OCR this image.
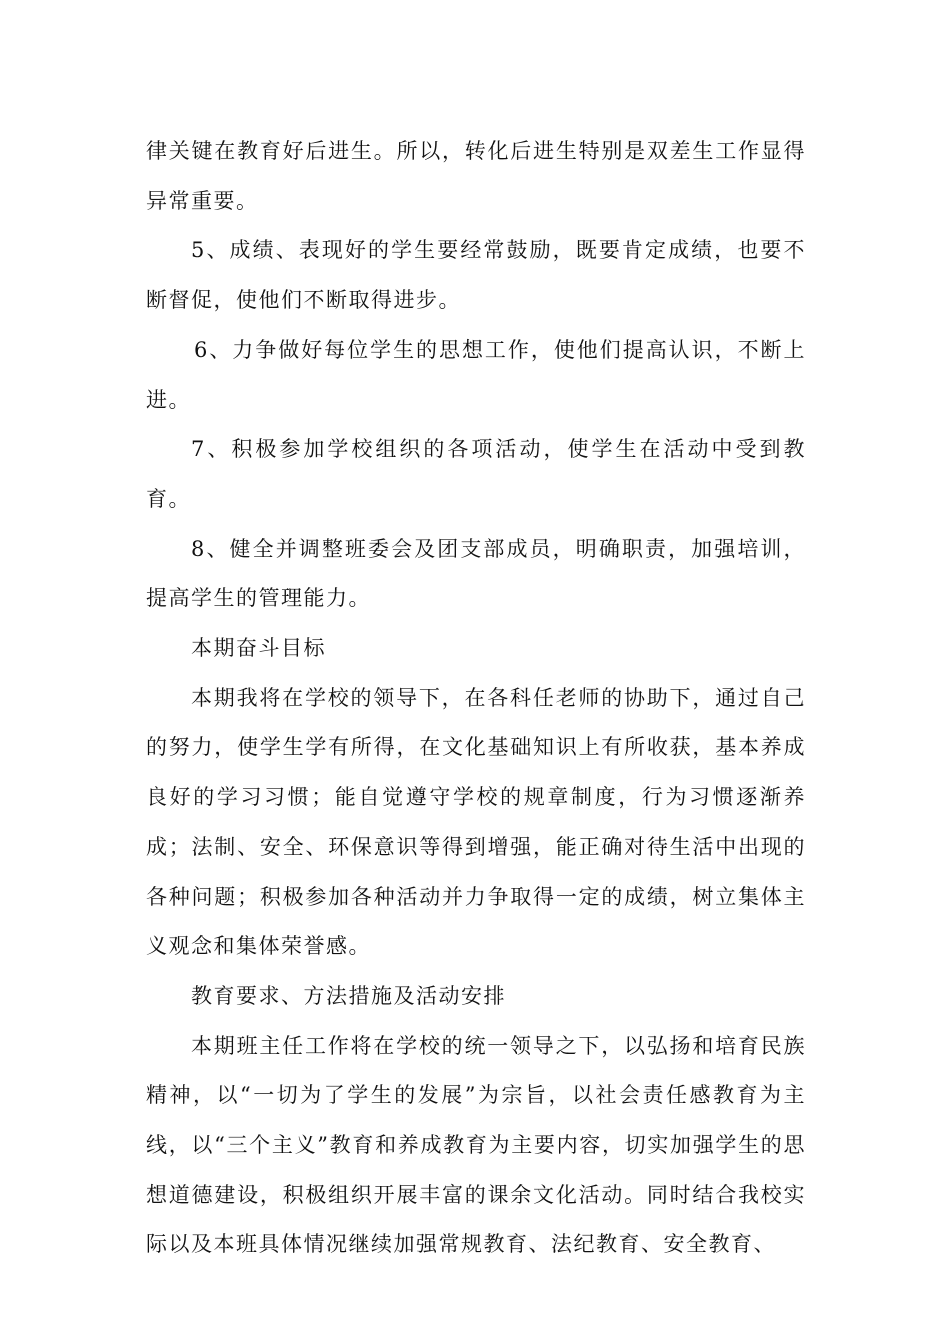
律关键在教育好后进生。所以，转化后进生特别是双差生工作显得异常重要。

5、成绩、表现好的学生要经常鼓励，既要肯定成绩，也要不断督促，使他们不断取得进步。

6、力争做好每位学生的思想工作，使他们提高认识，不断上进。

7、积极参加学校组织的各项活动，使学生在活动中受到教育。

8、健全并调整班委会及团支部成员，明确职责，加强培训，提高学生的管理能力。

本期奋斗目标

本期我将在学校的领导下，在各科任老师的协助下，通过自己的努力，使学生学有所得，在文化基础知识上有所收获，基本养成良好的学习习惯；能自觉遵守学校的规章制度，行为习惯逐渐养成；法制、安全、环保意识等得到增强，能正确对待生活中出现的各种问题；积极参加各种活动并力争取得一定的成绩，树立集体主义观念和集体荣誉感。

教育要求、方法措施及活动安排

本期班主任工作将在学校的统一领导之下，以弘扬和培育民族精神，以“一切为了学生的发展”为宗旨，以社会责任感教育为主线，以“三个主义”教育和养成教育为主要内容，切实加强学生的思想道德建设，积极组织开展丰富的课余文化活动。同时结合我校实际以及本班具体情况继续加强常规教育、法纪教育、安全教育、
